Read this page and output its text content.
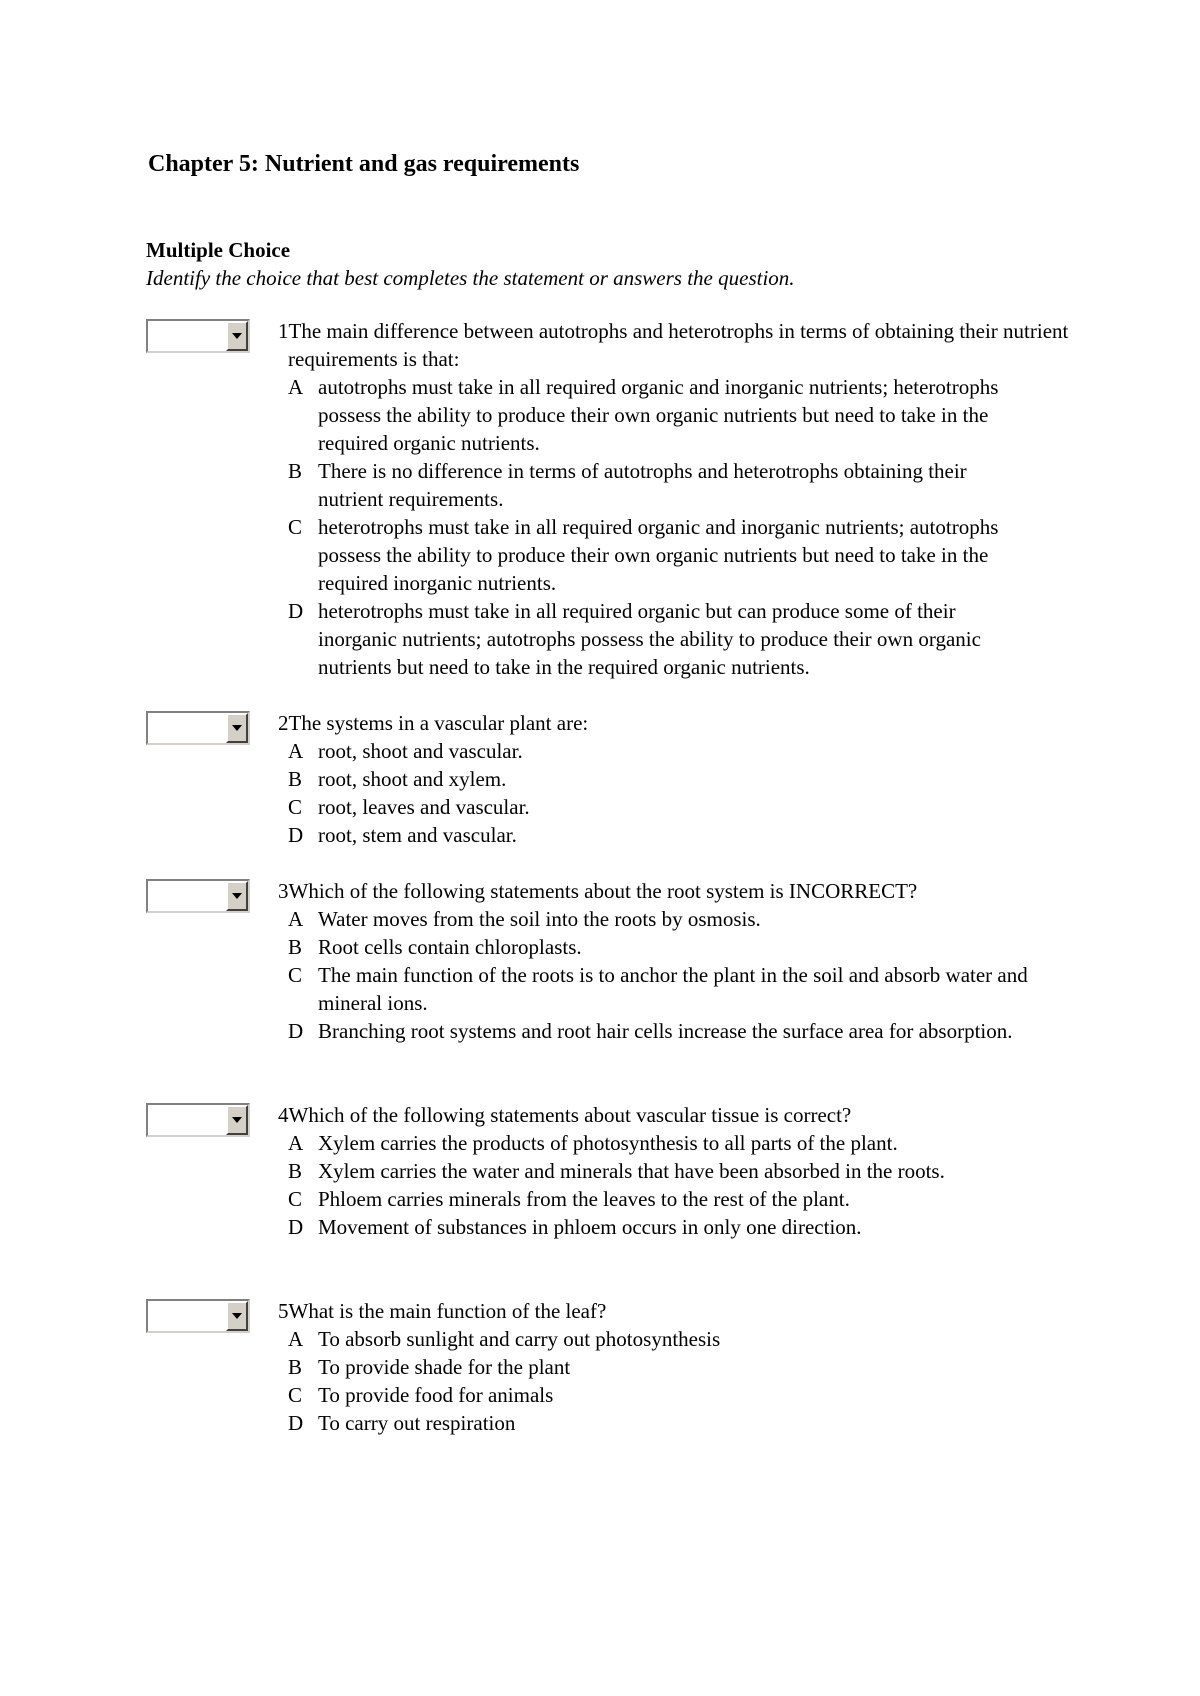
Chapter 5: Nutrient and gas requirements
Multiple Choice
Identify the choice that best completes the statement or answers the question.
1The main difference between autotrophs and heterotrophs in terms of obtaining their nutrient requirements is that:
A autotrophs must take in all required organic and inorganic nutrients; heterotrophs possess the ability to produce their own organic nutrients but need to take in the required organic nutrients.
B There is no difference in terms of autotrophs and heterotrophs obtaining their nutrient requirements.
C heterotrophs must take in all required organic and inorganic nutrients; autotrophs possess the ability to produce their own organic nutrients but need to take in the required inorganic nutrients.
D heterotrophs must take in all required organic but can produce some of their inorganic nutrients; autotrophs possess the ability to produce their own organic nutrients but need to take in the required organic nutrients.
2The systems in a vascular plant are:
A root, shoot and vascular.
B root, shoot and xylem.
C root, leaves and vascular.
D root, stem and vascular.
3Which of the following statements about the root system is INCORRECT?
A Water moves from the soil into the roots by osmosis.
B Root cells contain chloroplasts.
C The main function of the roots is to anchor the plant in the soil and absorb water and mineral ions.
D Branching root systems and root hair cells increase the surface area for absorption.
4Which of the following statements about vascular tissue is correct?
A Xylem carries the products of photosynthesis to all parts of the plant.
B Xylem carries the water and minerals that have been absorbed in the roots.
C Phloem carries minerals from the leaves to the rest of the plant.
D Movement of substances in phloem occurs in only one direction.
5What is the main function of the leaf?
A To absorb sunlight and carry out photosynthesis
B To provide shade for the plant
C To provide food for animals
D To carry out respiration
